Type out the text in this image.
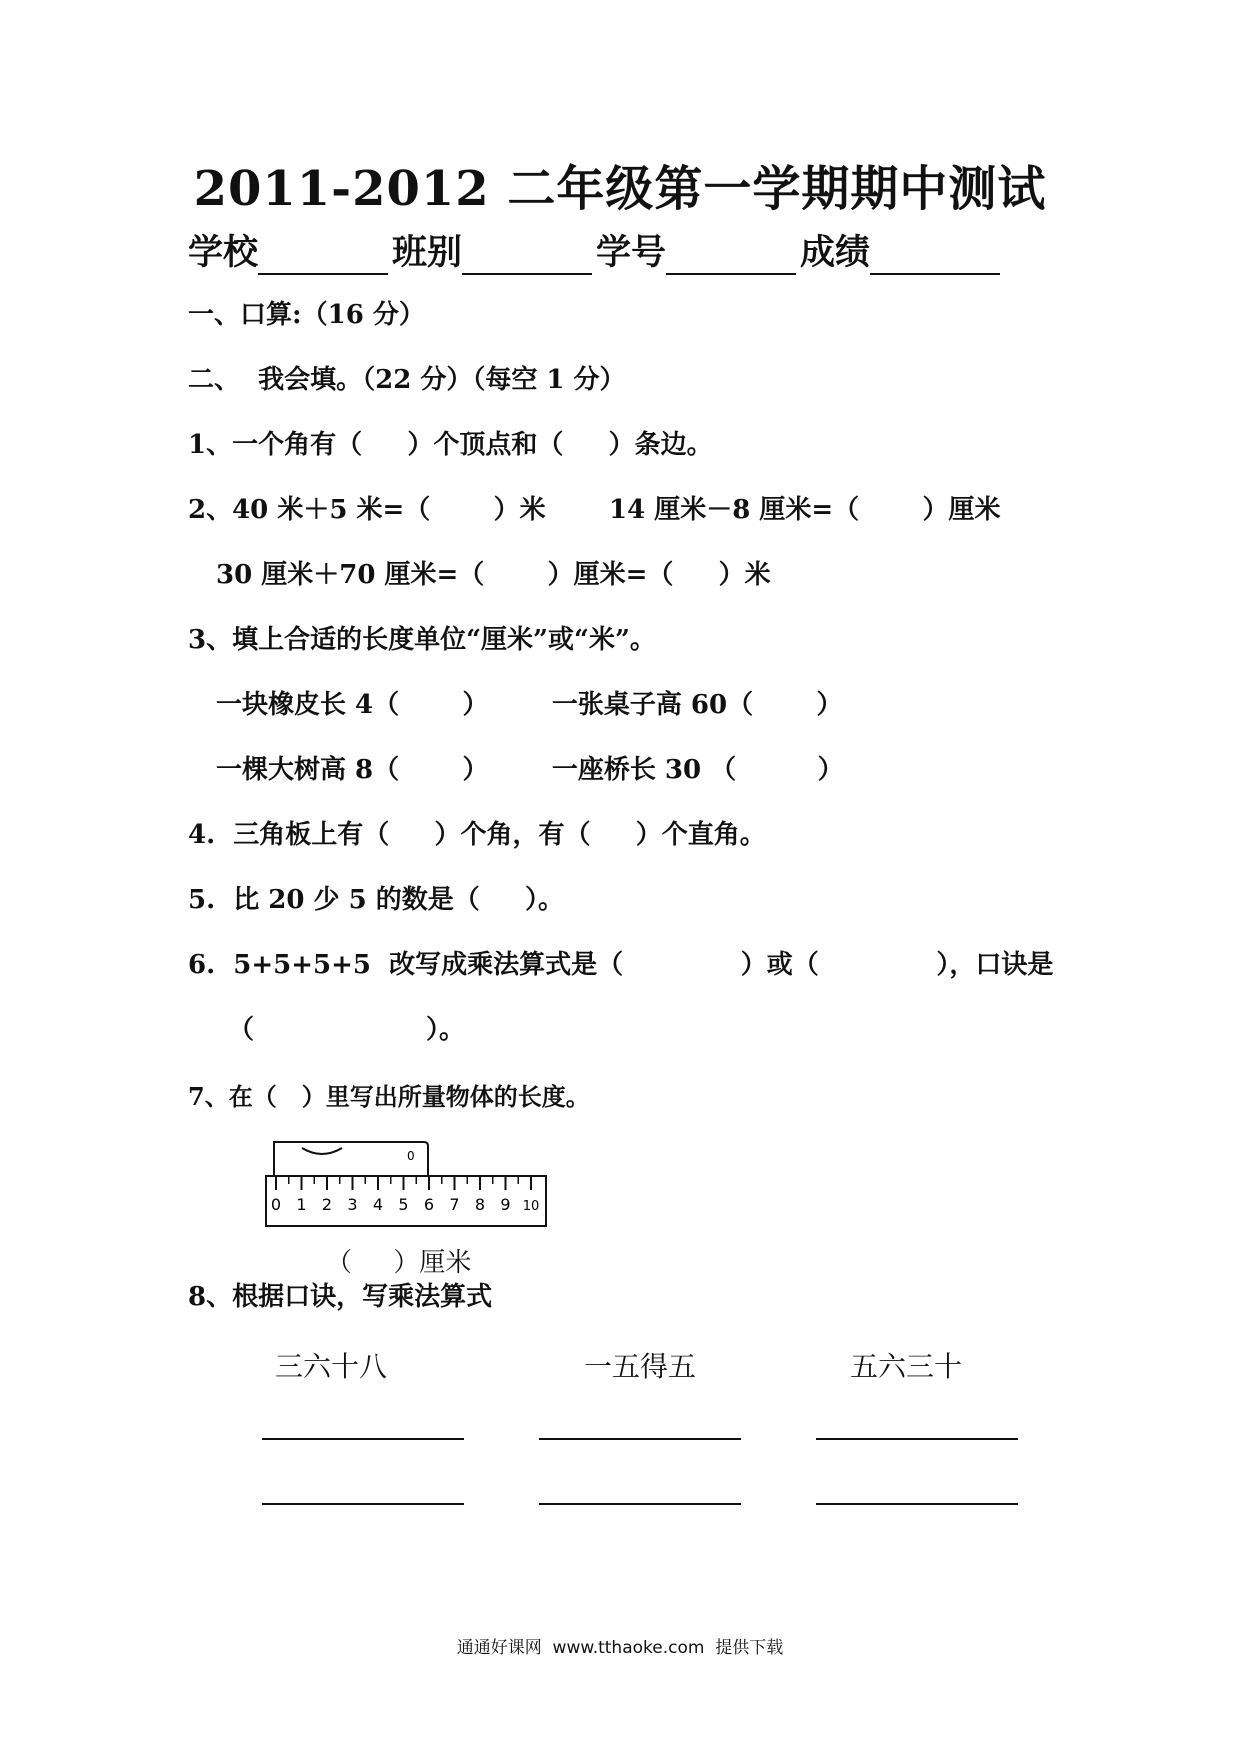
2011-2012 二年级第一学期期中测试
学校	班别	学号	成绩
一、口算:（16 分）
二、  我会填。（22 分）（每空 1 分）
1、一个角有（     ）个顶点和（     ）条边。
2、40 米＋5 米=（       ）米       14 厘米－8 厘米=（       ）厘米
30 厘米＋70 厘米=（       ）厘米=（     ）米
3、填上合适的长度单位“厘米”或“米”。
一块橡皮长 4（       ）       一张桌子高 60（       ）
一棵大树高 8（       ）       一座桥长 30 （         ）
4.  三角板上有（     ）个角，有（     ）个直角。
5.  比 20 少 5 的数是（     ）。
6.  5+5+5+5  改写成乘法算式是（             ）或（             ），口诀是
（                   ）。
7、在（   ）里写出所量物体的长度。
0
0 1 2 3 4 5 6 7 8 9 10
（     ）厘米
8、根据口诀，写乘法算式
三六十八	一五得五	五六三十
通通好课网  www.tthaoke.com  提供下载
